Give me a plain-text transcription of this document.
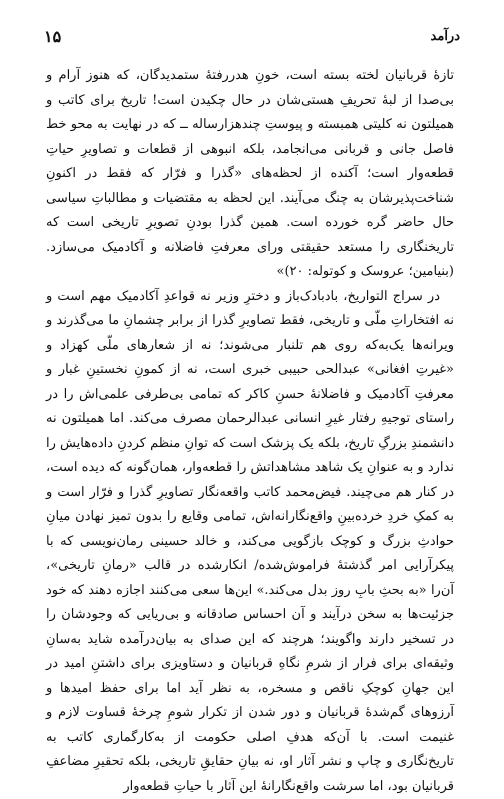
۱۵	درآمد

تازهٔ قربانیان لخته بسته است، خونِ هدررفتهٔ ستمدیدگان، که هنوز آرام و بی‌صدا از لبهٔ تحریفِ هستی‌شان در حال چکیدن است! تاریخ برای کاتب و همیلتون نه کلیتی همبسته و پیوستِ چندهزارساله ــ که در نهایت به محو خط فاصل جانی و قربانی می‌انجامد، بلکه انبوهی از قطعات و تصاویرِ حیاتِ قطعه‌وار است؛ آکنده از لحظه‌های «گذرا و فرّار که فقط در اکنونِ شناخت‌پذیرشان به چنگ می‌آیند. این لحظه به مقتضیات و مطالباتِ سیاسی حال حاضر گره خورده است. همین گذرا بودنِ تصویرِ تاریخی است که تاریخنگاری را مستعد حقیقتی ورای معرفتِ فاضلانه و آکادمیک می‌سازد. (بنیامین؛ عروسک و کوتوله: ۲۰)»

در سراج التواریخ، بادبادک‌باز و دخترِ وزیر نه قواعدِ آکادمیک مهم است و نه افتخاراتِ ملّی و تاریخی، فقط تصاویرِ گذرا از برابر چشمانِ ما می‌گذرند و ویرانه‌ها یک‌به‌که روی هم تلنبار می‌شوند؛ نه از شعارهای ملّی کهزاد و «غیرتِ افغانی» عبدالحی حبیبی خبری است، نه از کمونِ نخستینِ غبار و معرفتِ آکادمیک و فاضلانهٔ حسنِ کاکر که تمامی بی‌طرفی علمی‌اش را در راستای توجیهِ رفتار غیرِ انسانی عبدالرحمان مصرف می‌کند. اما همیلتون نه دانشمندِ بزرگِ تاریخ، بلکه یک پزشک است که توانِ منظم کردنِ داده‌هایش را ندارد و به عنوانِ یک شاهد مشاهداتش را قطعه‌وار، همان‌گونه که دیده است، در کنار هم می‌چیند. فیض‌محمد کاتب واقعه‌نگار تصاویرِ گذرا و فرّار است و به کمکِ خردِ خرده‌بینِ واقع‌نگارانه‌اش، تمامی وقایع را بدون تمیز نهادن میانِ حوادثِ بزرگ و کوچک بازگویی می‌کند، و خالد حسینی رمان‌نویسی که با پیکرآرایی امر گذشتهٔ فراموش‌شده/ انکارشده در قالب «رمانِ تاریخی»، آن‌را «به بحثِ بابِ روز بدل می‌کند.» این‌ها سعی می‌کنند اجازه دهند که خود جزئیت‌ها به سخن درآیند و آن احساس صادقانه و بی‌ریایی که وجودشان را در تسخیر دارند واگویند؛ هرچند که این صدای به بیان‌درآمده شاید به‌سانِ وثیقه‌ای برای فرار از شرمِ نگاهِ قربانیان و دستاویزی برای داشتنِ امید در این جهانِ کوچکِ ناقص و مسخره، به نظر آید اما برای حفظ امیدها و آرزوهای گم‌شدهٔ قربانیان و دور شدن از تکرار شومِ چرخهٔ قساوت لازم و غنیمت است. با آن‌که هدفِ اصلی حکومت از به‌کارگماری کاتب به تاریخ‌نگاری و چاپ و نشر آثار او، نه بیانِ حقایقِ تاریخی، بلکه تحقیرِ مضاعفِ قربانیان بود، اما سرشت واقع‌نگارانهٔ این آثار با حیاتِ قطعه‌وار
